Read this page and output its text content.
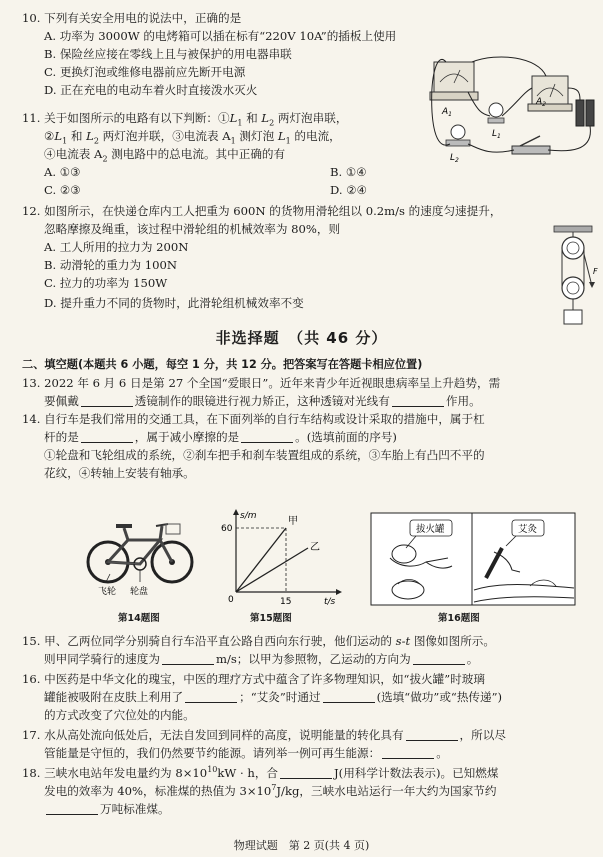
10. 下列有关安全用电的说法中，正确的是
A. 功率为 3000W 的电烤箱可以插在标有“220V 10A”的插板上使用
B. 保险丝应接在零线上且与被保护的用电器串联
C. 更换灯泡或维修电器前应先断开电源
D. 正在充电的电动车着火时直接泼水灭火
$A_1$
$A_2$
$L_1$
$L_2$
11. 关于如图所示的电路有以下判断：$①L_1$ 和 $L_2$ 两灯泡串联，
$②L_1$ 和 $L_2$ 两灯泡并联，③电流表 $A_1$ 测灯泡 $L_1$ 的电流，
④电流表 $A_2$ 测电路中的总电流。其中正确的有
A. ①③	B. ①④
C. ②③	D. ②④
12. 如图所示，在快递仓库内工人把重为 600N 的货物用滑轮组以 0.2m/s 的速度匀速提升，
忽略摩擦及绳重，该过程中滑轮组的机械效率为 80%，则
A. 工人所用的拉力为 200N
B. 动滑轮的重力为 100N
C. 拉力的功率为 150W
D. 提升重力不同的货物时，此滑轮组机械效率不变
F
非选择题　（共 46 分）
二、填空题(本题共 6 小题，每空 1 分，共 12 分。把答案写在答题卡相应位置)
13. 2022 年 6 月 6 日是第 27 个全国“爱眼日”。近年来青少年近视眼患病率呈上升趋势，需
要佩戴	透镜制作的眼镜进行视力矫正，这种透镜对光线有	作用。
14. 自行车是我们常用的交通工具，在下面列举的自行车结构或设计采取的措施中，属于杠
杆的是	，属于减小摩擦的是	。(选填前面的序号)
①轮盘和飞轮组成的系统，②刹车把手和刹车装置组成的系统，③车胎上有凸凹不平的
花纹，④转轴上安装有轴承。
飞轮 轮盘
第14题图
s/m
t/s
60
15
0
甲
乙
第15题图
拔火罐	艾灸
第16题图
15. 甲、乙两位同学分别骑自行车沿平直公路自西向东行驶，他们运动的 s-t 图像如图所示。
则甲同学骑行的速度为	m/s；以甲为参照物，乙运动的方向为	。
16. 中医药是中华文化的瑰宝，中医的理疗方式中蕴含了许多物理知识，如“拔火罐”时玻璃
罐能被吸附在皮肤上利用了	；“艾灸”时通过	(选填“做功”或“热传递”)
的方式改变了穴位处的内能。
17. 水从高处流向低处后，无法自发回到同样的高度，说明能量的转化具有	，所以尽
管能量是守恒的，我们仍然要节约能源。请列举一例可再生能源：	。
18. 三峡水电站年发电量约为 $8\times 10^{10}kW \cdot h$，合	J(用科学计数法表示)。已知燃煤
发电的效率为 40%，标准煤的热值为 $3\times 10^7J/kg$，三峡水电站运行一年大约为国家节约
万吨标准煤。
物理试题　第 2 页(共 4 页)
